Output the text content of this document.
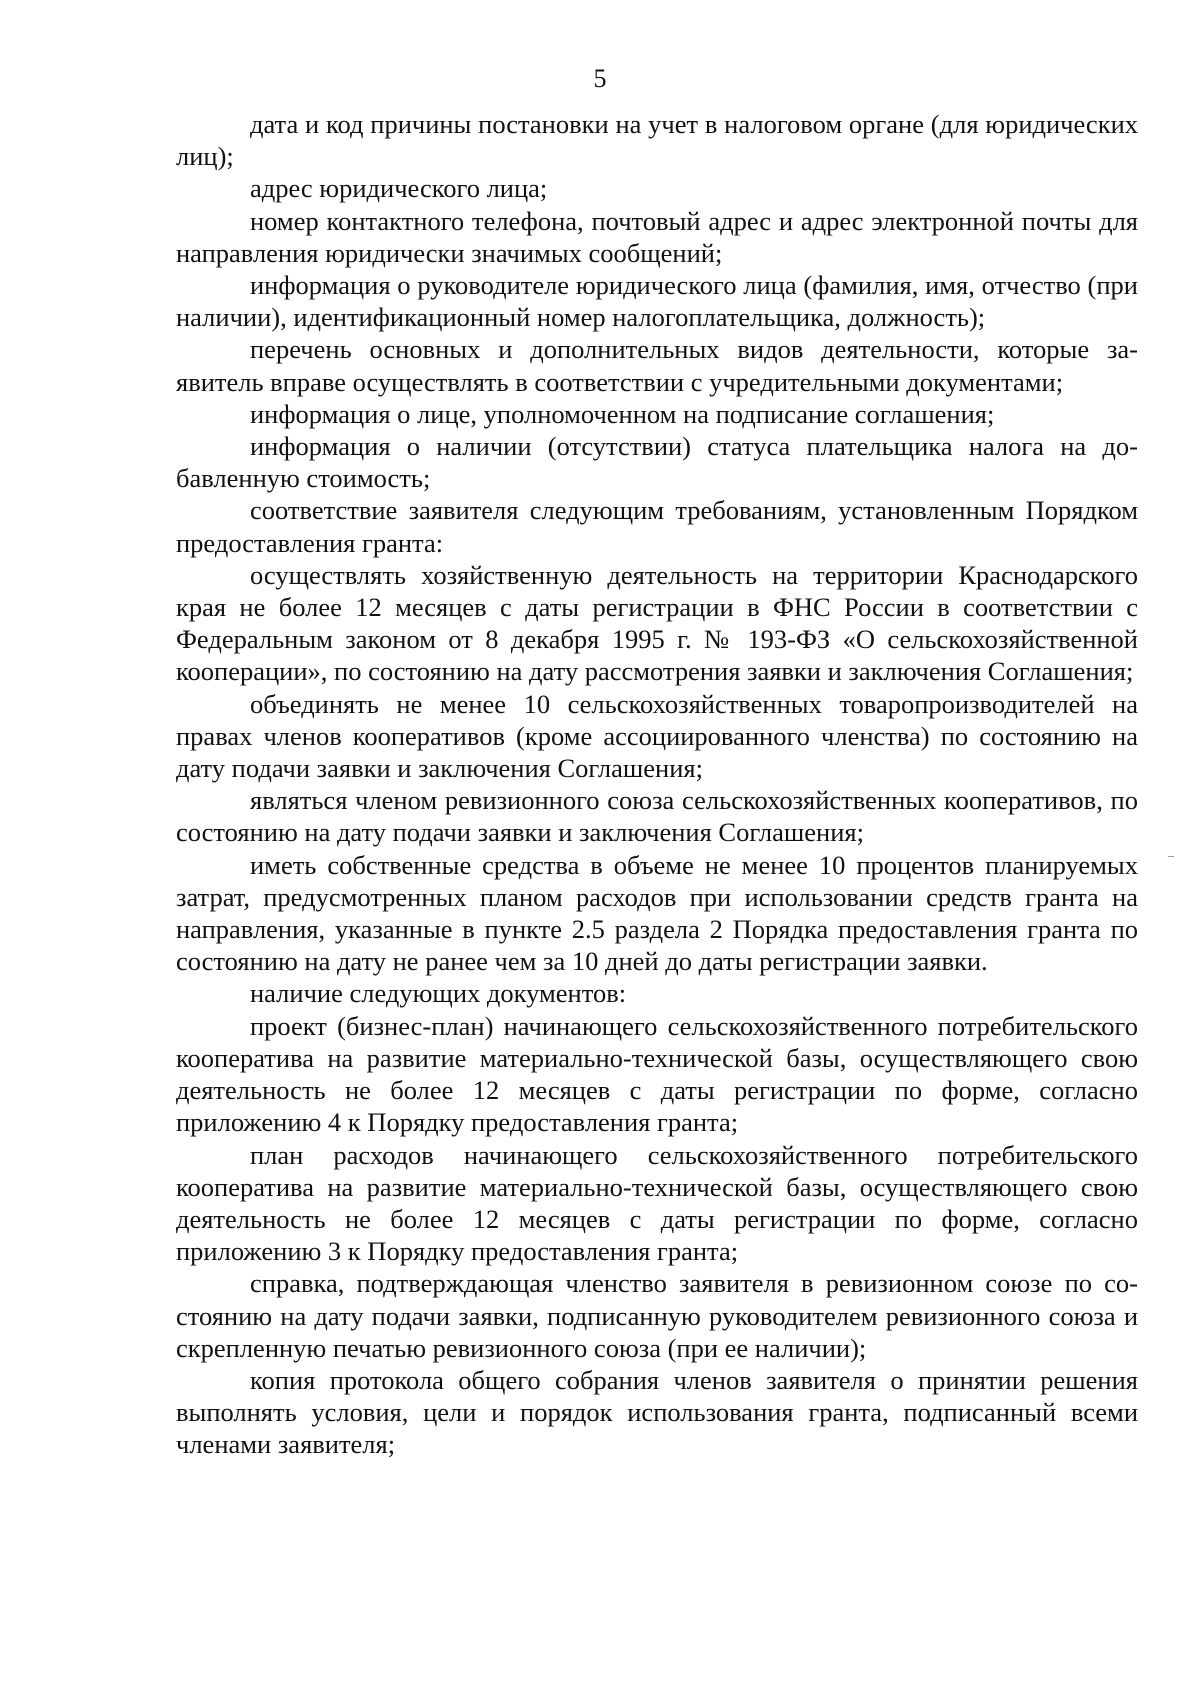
5

дата и код причины постановки на учет в налоговом органе (для юридических лиц);

адрес юридического лица;

номер контактного телефона, почтовый адрес и адрес электронной почты для направления юридически значимых сообщений;

информация о руководителе юридического лица (фамилия, имя, отчество (при наличии), идентификационный номер налогоплательщика, должность);

перечень основных и дополнительных видов деятельности, которые заявитель вправе осуществлять в соответствии с учредительными документами;

информация о лице, уполномоченном на подписание соглашения;

информация о наличии (отсутствии) статуса плательщика налога на добавленную стоимость;

соответствие заявителя следующим требованиям, установленным Порядком предоставления гранта:

осуществлять хозяйственную деятельность на территории Краснодарского края не более 12 месяцев с даты регистрации в ФНС России в соответствии с Федеральным законом от 8 декабря 1995 г. № 193-ФЗ «О сельскохозяйственной кооперации», по состоянию на дату рассмотрения заявки и заключения Соглашения;

объединять не менее 10 сельскохозяйственных товаропроизводителей на правах членов кооперативов (кроме ассоциированного членства) по состоянию на дату подачи заявки и заключения Соглашения;

являться членом ревизионного союза сельскохозяйственных кооперативов, по состоянию на дату подачи заявки и заключения Соглашения;

иметь собственные средства в объеме не менее 10 процентов планируемых затрат, предусмотренных планом расходов при использовании средств гранта на направления, указанные в пункте 2.5 раздела 2 Порядка предоставления гранта по состоянию на дату не ранее чем за 10 дней до даты регистрации заявки.

наличие следующих документов:

проект (бизнес-план) начинающего сельскохозяйственного потребительского кооператива на развитие материально-технической базы, осуществляющего свою деятельность не более 12 месяцев с даты регистрации по форме, согласно приложению 4 к Порядку предоставления гранта;

план расходов начинающего сельскохозяйственного потребительского кооператива на развитие материально-технической базы, осуществляющего свою деятельность не более 12 месяцев с даты регистрации по форме, согласно приложению 3 к Порядку предоставления гранта;

справка, подтверждающая членство заявителя в ревизионном союзе по состоянию на дату подачи заявки, подписанную руководителем ревизионного союза и скрепленную печатью ревизионного союза (при ее наличии);

копия протокола общего собрания членов заявителя о принятии решения выполнять условия, цели и порядок использования гранта, подписанный всеми членами заявителя;
